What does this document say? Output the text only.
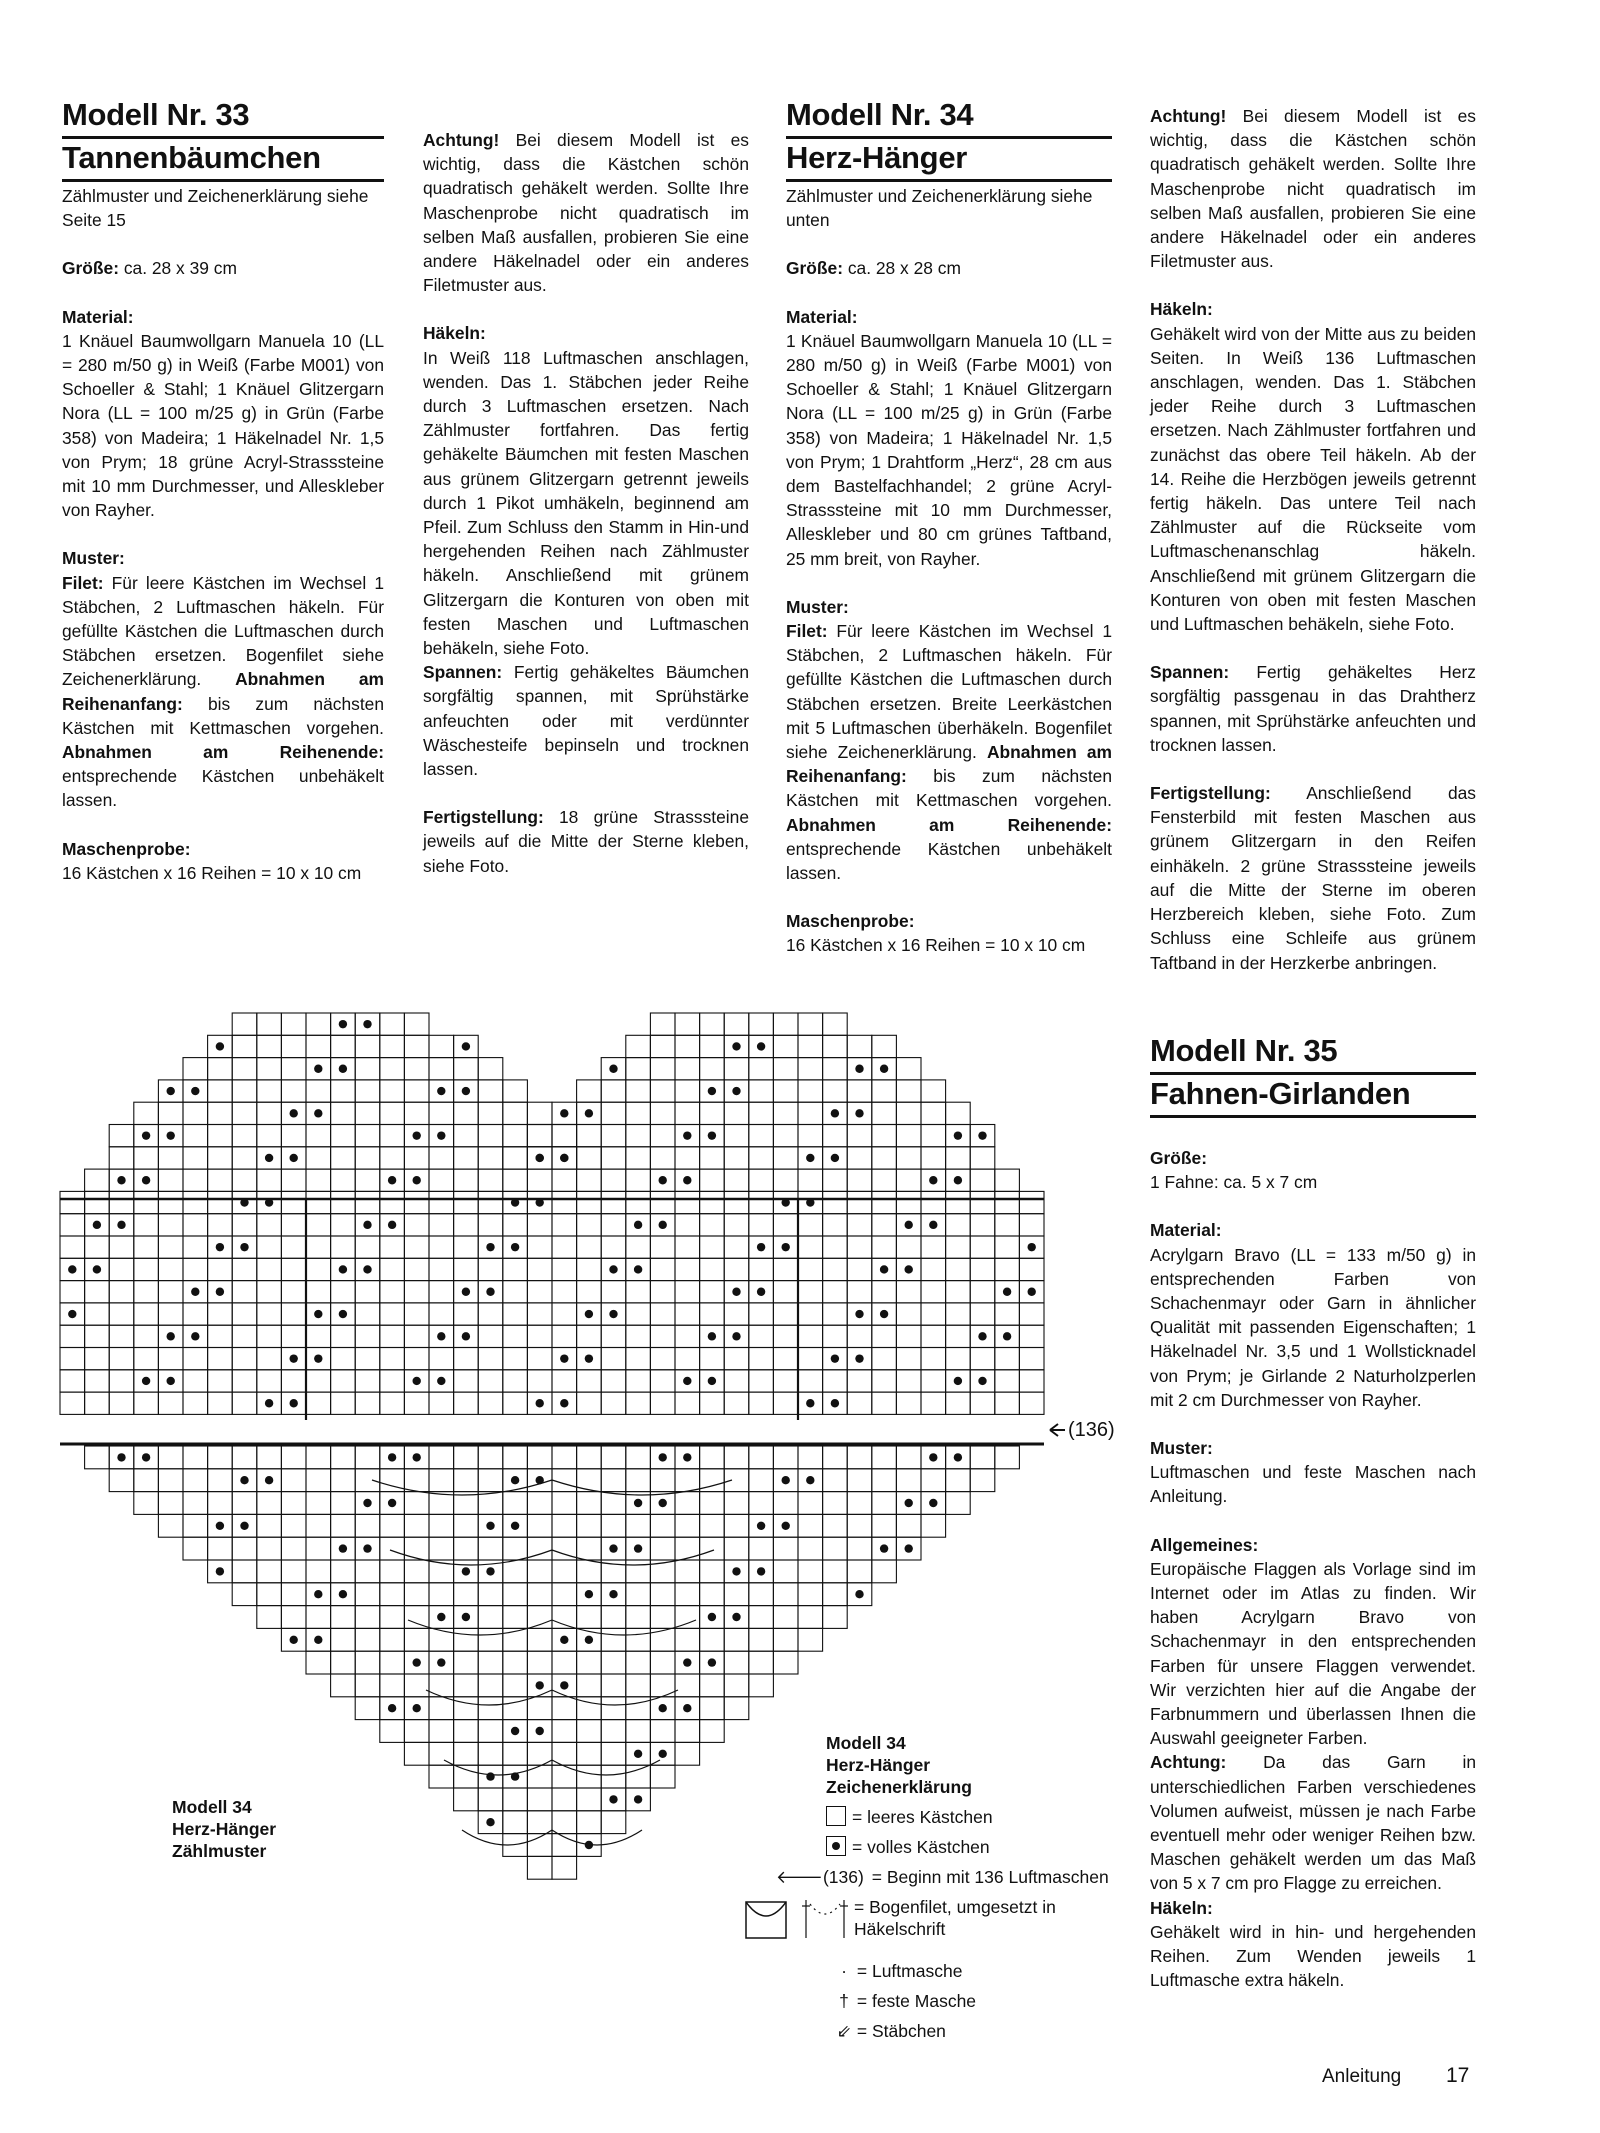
Modell Nr. 33
Tannenbäumchen

Zählmuster und Zeichenerklärung siehe Seite 15

Größe: ca. 28 x 39 cm

Material:
1 Knäuel Baumwollgarn Manuela 10 (LL = 280 m/50 g) in Weiß (Farbe M001) von Schoeller & Stahl; 1 Knäuel Glitzergarn Nora (LL = 100 m/25 g) in Grün (Farbe 358) von Madeira; 1 Häkelnadel Nr. 1,5 von Prym; 18 grüne Acryl-Strasssteine mit 10 mm Durchmesser, und Alleskleber von Rayher.

Muster:
Filet: Für leere Kästchen im Wechsel 1 Stäbchen, 2 Luftmaschen häkeln. Für gefüllte Kästchen die Luftmaschen durch Stäbchen ersetzen. Bogenfilet siehe Zeichenerklärung. Abnahmen am Reihenanfang: bis zum nächsten Kästchen mit Kettmaschen vorgehen. Abnahmen am Reihenende: entsprechende Kästchen unbehäkelt lassen.

Maschenprobe:
16 Kästchen x 16 Reihen = 10 x 10 cm

Achtung! Bei diesem Modell ist es wichtig, dass die Kästchen schön quadratisch gehäkelt werden. Sollte Ihre Maschenprobe nicht quadratisch im selben Maß ausfallen, probieren Sie eine andere Häkelnadel oder ein anderes Filetmuster aus.

Häkeln:
In Weiß 118 Luftmaschen anschlagen, wenden. Das 1. Stäbchen jeder Reihe durch 3 Luftmaschen ersetzen. Nach Zählmuster fortfahren. Das fertig gehäkelte Bäumchen mit festen Maschen aus grünem Glitzergarn getrennt jeweils durch 1 Pikot umhäkeln, beginnend am Pfeil. Zum Schluss den Stamm in Hin-und hergehenden Reihen nach Zählmuster häkeln. Anschließend mit grünem Glitzergarn die Konturen von oben mit festen Maschen und Luftmaschen behäkeln, siehe Foto.

Spannen: Fertig gehäkeltes Bäumchen sorgfältig spannen, mit Sprühstärke anfeuchten oder mit verdünnter Wäschesteife bepinseln und trocknen lassen.

Fertigstellung: 18 grüne Strasssteine jeweils auf die Mitte der Sterne kleben, siehe Foto.

Modell Nr. 34
Herz-Hänger

Zählmuster und Zeichenerklärung siehe unten

Größe: ca. 28 x 28 cm

Material:
1 Knäuel Baumwollgarn Manuela 10 (LL = 280 m/50 g) in Weiß (Farbe M001) von Schoeller & Stahl; 1 Knäuel Glitzergarn Nora (LL = 100 m/25 g) in Grün (Farbe 358) von Madeira; 1 Häkelnadel Nr. 1,5 von Prym; 1 Drahtform „Herz“, 28 cm aus dem Bastelfachhandel; 2 grüne Acryl-Strasssteine mit 10 mm Durchmesser, Alleskleber und 80 cm grünes Taftband, 25 mm breit, von Rayher.

Muster:
Filet: Für leere Kästchen im Wechsel 1 Stäbchen, 2 Luftmaschen häkeln. Für gefüllte Kästchen die Luftmaschen durch Stäbchen ersetzen. Breite Leerkästchen mit 5 Luftmaschen überhäkeln. Bogenfilet siehe Zeichenerklärung. Abnahmen am Reihenanfang: bis zum nächsten Kästchen mit Kettmaschen vorgehen. Abnahmen am Reihenende: entsprechende Kästchen unbehäkelt lassen.

Maschenprobe:
16 Kästchen x 16 Reihen = 10 x 10 cm

Achtung! Bei diesem Modell ist es wichtig, dass die Kästchen schön quadratisch gehäkelt werden. Sollte Ihre Maschenprobe nicht quadratisch im selben Maß ausfallen, probieren Sie eine andere Häkelnadel oder ein anderes Filetmuster aus.

Häkeln:
Gehäkelt wird von der Mitte aus zu beiden Seiten. In Weiß 136 Luftmaschen anschlagen, wenden. Das 1. Stäbchen jeder Reihe durch 3 Luftmaschen ersetzen. Nach Zählmuster fortfahren und zunächst das obere Teil häkeln. Ab der 14. Reihe die Herzbögen jeweils getrennt fertig häkeln. Das untere Teil nach Zählmuster auf die Rückseite vom Luftmaschenanschlag häkeln. Anschließend mit grünem Glitzergarn die Konturen von oben mit festen Maschen und Luftmaschen behäkeln, siehe Foto.

Spannen: Fertig gehäkeltes Herz sorgfältig passgenau in das Drahtherz spannen, mit Sprühstärke anfeuchten und trocknen lassen.

Fertigstellung: Anschließend das Fensterbild mit festen Maschen aus grünem Glitzergarn in den Reifen einhäkeln. 2 grüne Strasssteine jeweils auf die Mitte der Sterne im oberen Herzbereich kleben, siehe Foto. Zum Schluss eine Schleife aus grünem Taftband in der Herzkerbe anbringen.

Modell Nr. 35
Fahnen-Girlanden

Größe:
1 Fahne: ca. 5 x 7 cm

Material:
Acrylgarn Bravo (LL = 133 m/50 g) in entsprechenden Farben von Schachenmayr oder Garn in ähnlicher Qualität mit passenden Eigenschaften; 1 Häkelnadel Nr. 3,5 und 1 Wollsticknadel von Prym; je Girlande 2 Naturholzperlen mit 2 cm Durchmesser von Rayher.

Muster:
Luftmaschen und feste Maschen nach Anleitung.

Allgemeines:
Europäische Flaggen als Vorlage sind im Internet oder im Atlas zu finden. Wir haben Acrylgarn Bravo von Schachenmayr in den entsprechenden Farben für unsere Flaggen verwendet. Wir verzichten hier auf die Angabe der Farbnummern und überlassen Ihnen die Auswahl geeigneter Farben.

Achtung: Da das Garn in unterschiedlichen Farben verschiedenes Volumen aufweist, müssen je nach Farbe eventuell mehr oder weniger Reihen bzw. Maschen gehäkelt werden um das Maß von 5 x 7 cm pro Flagge zu erreichen.

Häkeln:
Gehäkelt wird in hin- und hergehenden Reihen. Zum Wenden jeweils 1 Luftmasche extra häkeln.

Modell 34
Herz-Hänger
Zählmuster
(136)
Modell 34
Herz-Hänger
Zeichenerklärung
= leeres Kästchen
= volles Kästchen
🡐(136) = Beginn mit 136 Luftmaschen
= Bogenfilet, umgesetzt in Häkelschrift
· = Luftmasche
† = feste Masche
⇙ = Stäbchen
Anleitung 17
